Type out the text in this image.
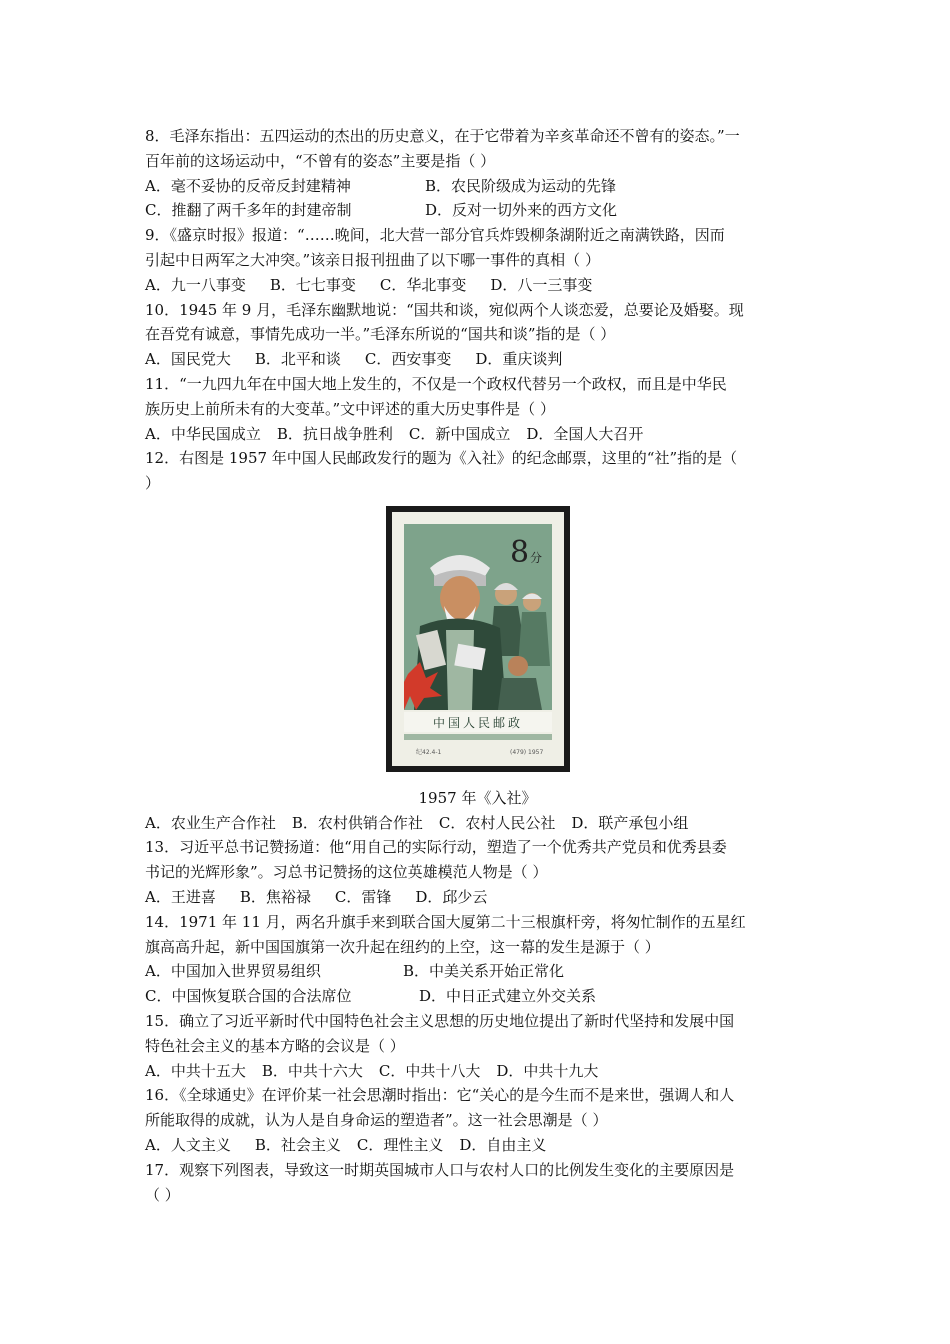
8．毛泽东指出：五四运动的杰出的历史意义，在于它带着为辛亥革命还不曾有的姿态。”一
百年前的这场运动中，“不曾有的姿态”主要是指（ ）
A．毫不妥协的反帝反封建精神	B．农民阶级成为运动的先锋
C．推翻了两千多年的封建帝制	D．反对一切外来的西方文化
9．《盛京时报》报道：“……晚间，北大营一部分官兵炸毁柳条湖附近之南满铁路，因而
引起中日两军之大冲突。”该亲日报刊扭曲了以下哪一事件的真相（ ）
A．九一八事变 B．七七事变 C．华北事变 D．八一三事变
10．1945 年 9 月，毛泽东幽默地说：“国共和谈，宛似两个人谈恋爱，总要论及婚娶。现
在吾党有诚意，事情先成功一半。”毛泽东所说的“国共和谈”指的是（ ）
A．国民党大 B．北平和谈 C．西安事变 D．重庆谈判
11．“一九四九年在中国大地上发生的，不仅是一个政权代替另一个政权，而且是中华民
族历史上前所未有的大变革。”文中评述的重大历史事件是（ ）
A．中华民国成立 B．抗日战争胜利 C．新中国成立 D．全国人大召开
12．右图是 1957 年中国人民邮政发行的题为《入社》的纪念邮票，这里的“社”指的是（
）
8 分
中国人民邮政
纪42.4-1	(479) 1957
1957 年《入社》
A．农业生产合作社 B．农村供销合作社 C．农村人民公社 D．联产承包小组
13．习近平总书记赞扬道：他“用自己的实际行动，塑造了一个优秀共产党员和优秀县委
书记的光辉形象”。习总书记赞扬的这位英雄模范人物是（ ）
A．王进喜 B．焦裕禄 C．雷锋 D．邱少云
14．1971 年 11 月，两名升旗手来到联合国大厦第二十三根旗杆旁，将匆忙制作的五星红
旗高高升起，新中国国旗第一次升起在纽约的上空，这一幕的发生是源于（ ）
A．中国加入世界贸易组织	B．中美关系开始正常化
C．中国恢复联合国的合法席位	D．中日正式建立外交关系
15．确立了习近平新时代中国特色社会主义思想的历史地位提出了新时代坚持和发展中国
特色社会主义的基本方略的会议是（ ）
A．中共十五大 B．中共十六大 C．中共十八大 D．中共十九大
16．《全球通史》在评价某一社会思潮时指出：它“关心的是今生而不是来世，强调人和人
所能取得的成就，认为人是自身命运的塑造者”。这一社会思潮是（ ）
A．人文主义 B．社会主义 C．理性主义 D．自由主义
17．观察下列图表，导致这一时期英国城市人口与农村人口的比例发生变化的主要原因是
（ ）
